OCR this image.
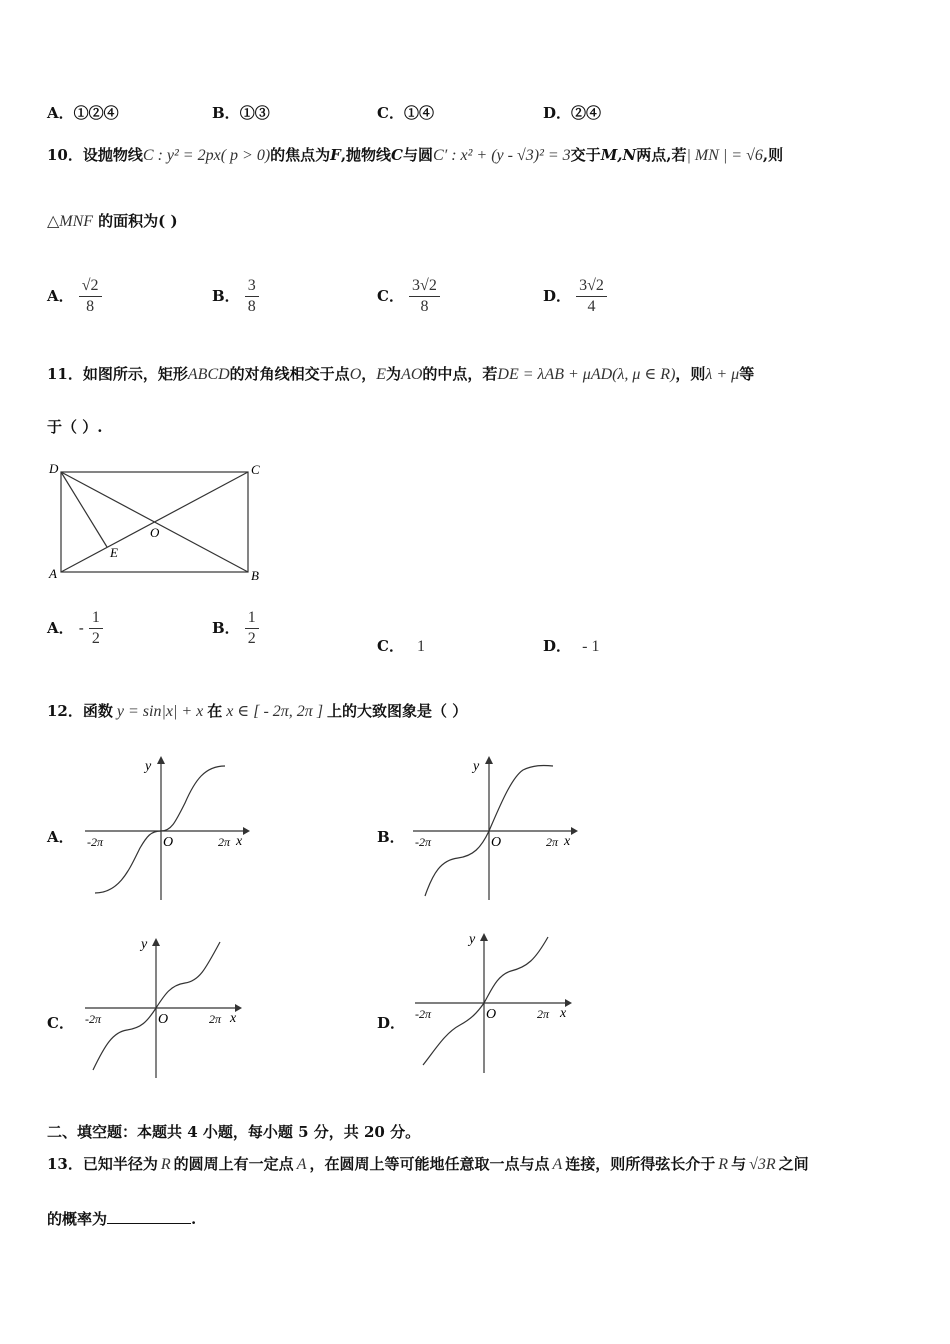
A．①②④	B．①③	C．①④	D．②④
10．设抛物线C : y² = 2px( p > 0)的焦点为F,抛物线C与圆C′ : x² + (y - √3)² = 3交于M,N两点,若| MN | = √6,则
△MNF 的面积为( )
A． $\frac{√2}{8}$	B． $\frac{3}{8}$	C． $\frac{3√2}{8}$	D． $\frac{3√2}{4}$
11．如图所示，矩形ABCD的对角线相交于点O，E为AO的中点，若DE = λAB + μAD(λ, μ ∈ R)，则λ + μ等
于（ ）.
D	C
O
E
A	B
A． - $\frac{1}{2}$	B． $\frac{1}{2}$	C． 1	D． - 1
12．函数 y = sin|x| + x 在 x ∈ [ - 2π, 2π ] 上的大致图象是（ ）
A．
y
x
O
-2π	2π	B．
y
x
O
-2π	2π
C．
y
x
O
-2π	2π	D．
y
x
O
-2π	2π
二、填空题：本题共 4 小题，每小题 5 分，共 20 分。
13．已知半径为 R 的圆周上有一定点 A ，在圆周上等可能地任意取一点与点 A 连接，则所得弦长介于 R 与 √3R 之间
的概率为	.
